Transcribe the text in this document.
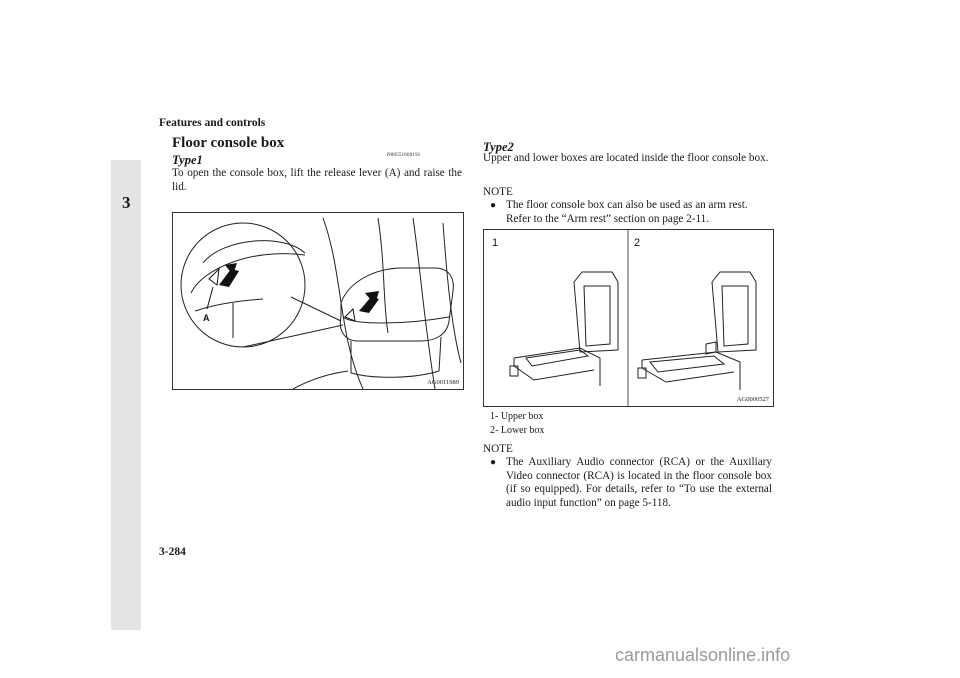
Features and controls
3
Floor console box
N00551600191
Type1
To open the console box, lift the release lever (A) and raise the lid.
A
AG0011989
Type2
Upper and lower boxes are located inside the floor console box.
NOTE
● The floor console box can also be used as an arm rest.
Refer to the “Arm rest” section on page 2-11.
1	2
AG0000527
1- Upper box
2- Lower box
NOTE
● The Auxiliary Audio connector (RCA) or the Auxiliary Video connector (RCA) is located in the floor console box (if so equipped). For details, refer to “To use the external audio input function” on page 5-118.
3-284
carmanualsonline.info
